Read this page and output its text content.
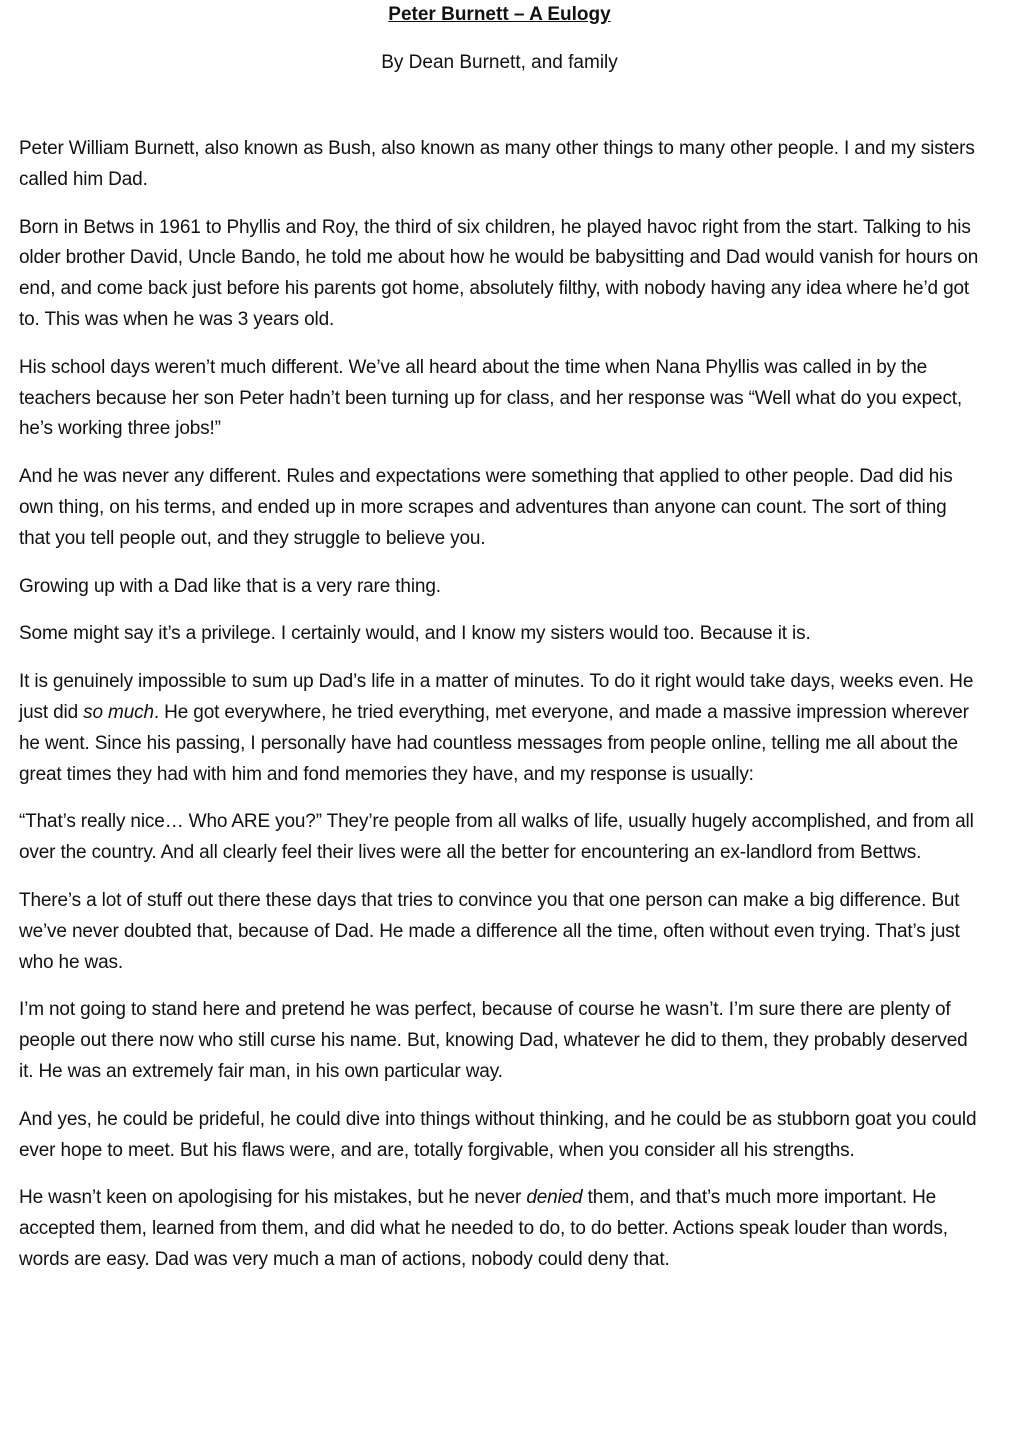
Peter Burnett – A Eulogy

By Dean Burnett, and family

Peter William Burnett, also known as Bush, also known as many other things to many other people. I and my sisters called him Dad.

Born in Betws in 1961 to Phyllis and Roy, the third of six children, he played havoc right from the start. Talking to his older brother David, Uncle Bando, he told me about how he would be babysitting and Dad would vanish for hours on end, and come back just before his parents got home, absolutely filthy, with nobody having any idea where he’d got to. This was when he was 3 years old.

His school days weren’t much different. We’ve all heard about the time when Nana Phyllis was called in by the teachers because her son Peter hadn’t been turning up for class, and her response was “Well what do you expect, he’s working three jobs!”

And he was never any different. Rules and expectations were something that applied to other people. Dad did his own thing, on his terms, and ended up in more scrapes and adventures than anyone can count. The sort of thing that you tell people out, and they struggle to believe you.

Growing up with a Dad like that is a very rare thing.

Some might say it’s a privilege. I certainly would, and I know my sisters would too. Because it is.

It is genuinely impossible to sum up Dad’s life in a matter of minutes. To do it right would take days, weeks even. He just did so much. He got everywhere, he tried everything, met everyone, and made a massive impression wherever he went. Since his passing, I personally have had countless messages from people online, telling me all about the great times they had with him and fond memories they have, and my response is usually:

“That’s really nice… Who ARE you?” They’re people from all walks of life, usually hugely accomplished, and from all over the country. And all clearly feel their lives were all the better for encountering an ex-landlord from Bettws.

There’s a lot of stuff out there these days that tries to convince you that one person can make a big difference. But we’ve never doubted that, because of Dad. He made a difference all the time, often without even trying. That’s just who he was.

I’m not going to stand here and pretend he was perfect, because of course he wasn’t. I’m sure there are plenty of people out there now who still curse his name. But, knowing Dad, whatever he did to them, they probably deserved it. He was an extremely fair man, in his own particular way.

And yes, he could be prideful, he could dive into things without thinking, and he could be as stubborn goat you could ever hope to meet. But his flaws were, and are, totally forgivable, when you consider all his strengths.

He wasn’t keen on apologising for his mistakes, but he never denied them, and that’s much more important. He accepted them, learned from them, and did what he needed to do, to do better. Actions speak louder than words, words are easy. Dad was very much a man of actions, nobody could deny that.
